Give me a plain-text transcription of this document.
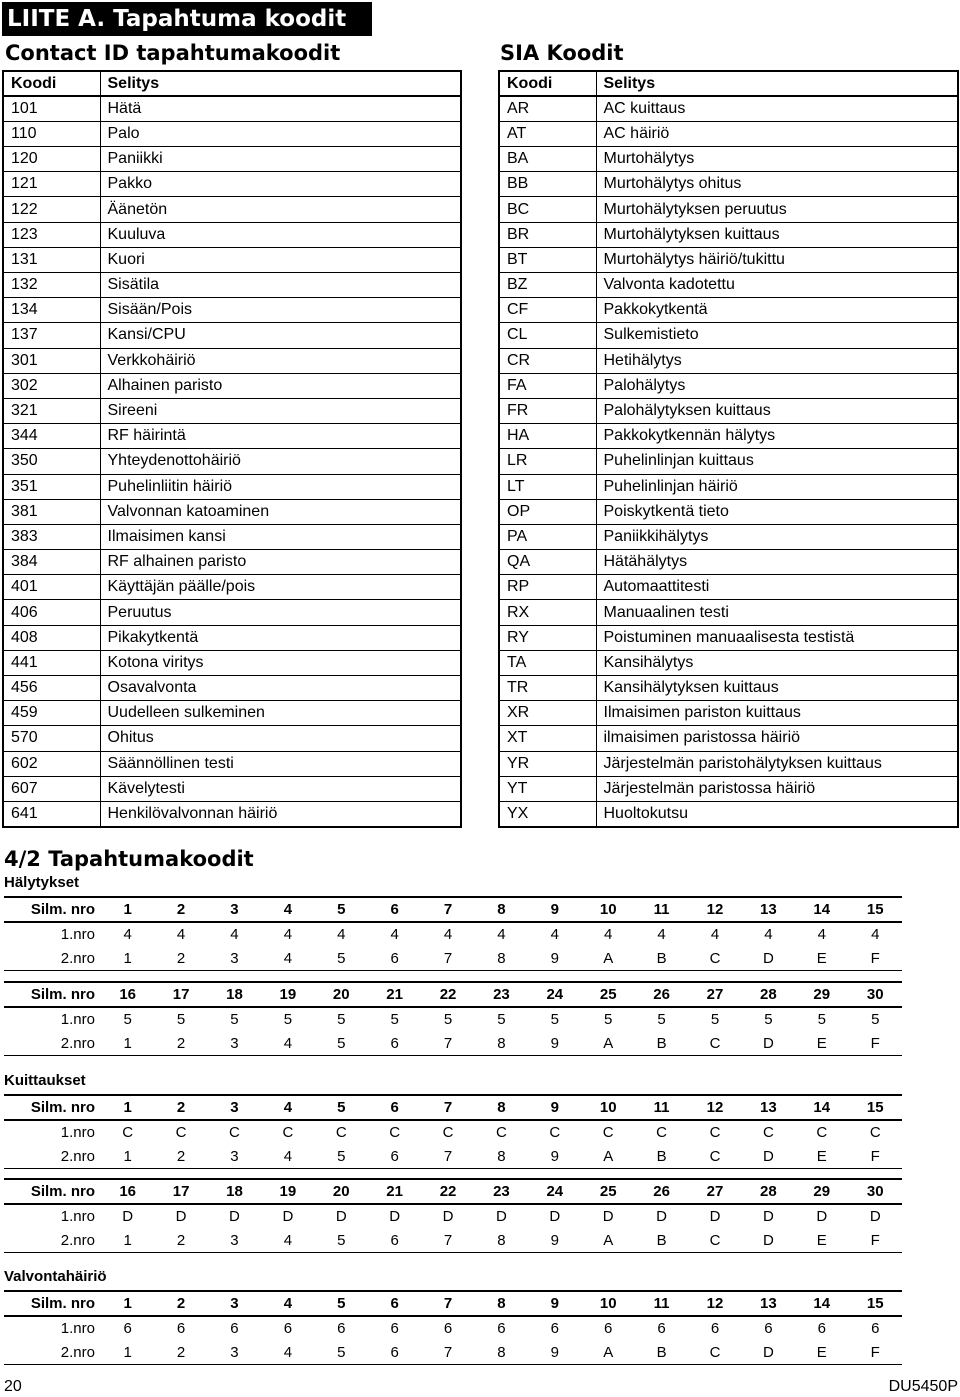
LIITE A. Tapahtuma koodit
Contact ID tapahtumakoodit	SIA Koodit
Koodi	Selitys
101	Hätä
110	Palo
120	Paniikki
121	Pakko
122	Äänetön
123	Kuuluva
131	Kuori
132	Sisätila
134	Sisään/Pois
137	Kansi/CPU
301	Verkkohäiriö
302	Alhainen paristo
321	Sireeni
344	RF häirintä
350	Yhteydenottohäiriö
351	Puhelinliitin häiriö
381	Valvonnan katoaminen
383	Ilmaisimen kansi
384	RF alhainen paristo
401	Käyttäjän päälle/pois
406	Peruutus
408	Pikakytkentä
441	Kotona viritys
456	Osavalvonta
459	Uudelleen sulkeminen
570	Ohitus
602	Säännöllinen testi
607	Kävelytesti
641	Henkilövalvonnan häiriö
Koodi	Selitys
AR	AC kuittaus
AT	AC häiriö
BA	Murtohälytys
BB	Murtohälytys ohitus
BC	Murtohälytyksen peruutus
BR	Murtohälytyksen kuittaus
BT	Murtohälytys häiriö/tukittu
BZ	Valvonta kadotettu
CF	Pakkokytkentä
CL	Sulkemistieto
CR	Hetihälytys
FA	Palohälytys
FR	Palohälytyksen kuittaus
HA	Pakkokytkennän hälytys
LR	Puhelinlinjan kuittaus
LT	Puhelinlinjan häiriö
OP	Poiskytkentä tieto
PA	Paniikkihälytys
QA	Hätähälytys
RP	Automaattitesti
RX	Manuaalinen testi
RY	Poistuminen manuaalisesta testistä
TA	Kansihälytys
TR	Kansihälytyksen kuittaus
XR	Ilmaisimen pariston kuittaus
XT	ilmaisimen paristossa häiriö
YR	Järjestelmän paristohälytyksen kuittaus
YT	Järjestelmän paristossa häiriö
YX	Huoltokutsu
4/2 Tapahtumakoodit
Hälytykset
Silm. nro	1	2	3	4	5	6	7	8	9	10	11	12	13	14	15
1.nro	4	4	4	4	4	4	4	4	4	4	4	4	4	4	4
2.nro	1	2	3	4	5	6	7	8	9	A	B	C	D	E	F
Silm. nro	16	17	18	19	20	21	22	23	24	25	26	27	28	29	30
1.nro	5	5	5	5	5	5	5	5	5	5	5	5	5	5	5
2.nro	1	2	3	4	5	6	7	8	9	A	B	C	D	E	F
Kuittaukset
Silm. nro	1	2	3	4	5	6	7	8	9	10	11	12	13	14	15
1.nro	C	C	C	C	C	C	C	C	C	C	C	C	C	C	C
2.nro	1	2	3	4	5	6	7	8	9	A	B	C	D	E	F
Silm. nro	16	17	18	19	20	21	22	23	24	25	26	27	28	29	30
1.nro	D	D	D	D	D	D	D	D	D	D	D	D	D	D	D
2.nro	1	2	3	4	5	6	7	8	9	A	B	C	D	E	F
Valvontahäiriö
Silm. nro	1	2	3	4	5	6	7	8	9	10	11	12	13	14	15
1.nro	6	6	6	6	6	6	6	6	6	6	6	6	6	6	6
2.nro	1	2	3	4	5	6	7	8	9	A	B	C	D	E	F
20	DU5450P
